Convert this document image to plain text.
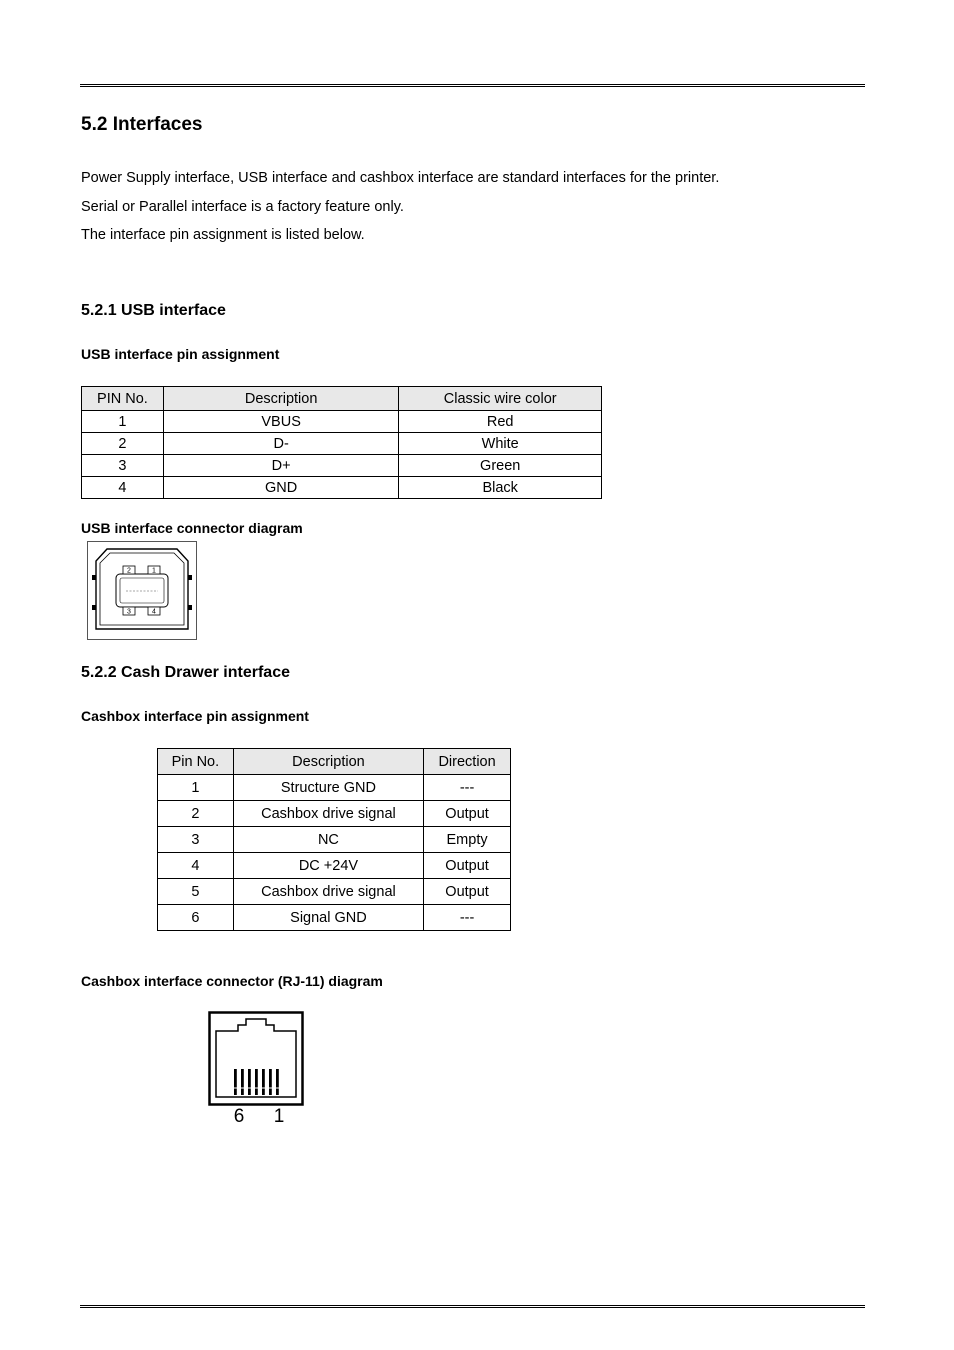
5.2 Interfaces
Power Supply interface, USB interface and cashbox interface are standard interfaces for the printer.
Serial or Parallel interface is a factory feature only.
The interface pin assignment is listed below.
5.2.1 USB interface
USB interface pin assignment
PIN No.	Description	Classic wire color
1	VBUS	Red
2	D-	White
3	D+	Green
4	GND	Black
USB interface connector diagram
2	1
3	4
5.2.2 Cash Drawer interface
Cashbox interface pin assignment
Pin No.	Description	Direction
1	Structure GND	---
2	Cashbox drive signal	Output
3	NC	Empty
4	DC +24V	Output
5	Cashbox drive signal	Output
6	Signal GND	---
Cashbox interface connector (RJ-11) diagram
6 1
